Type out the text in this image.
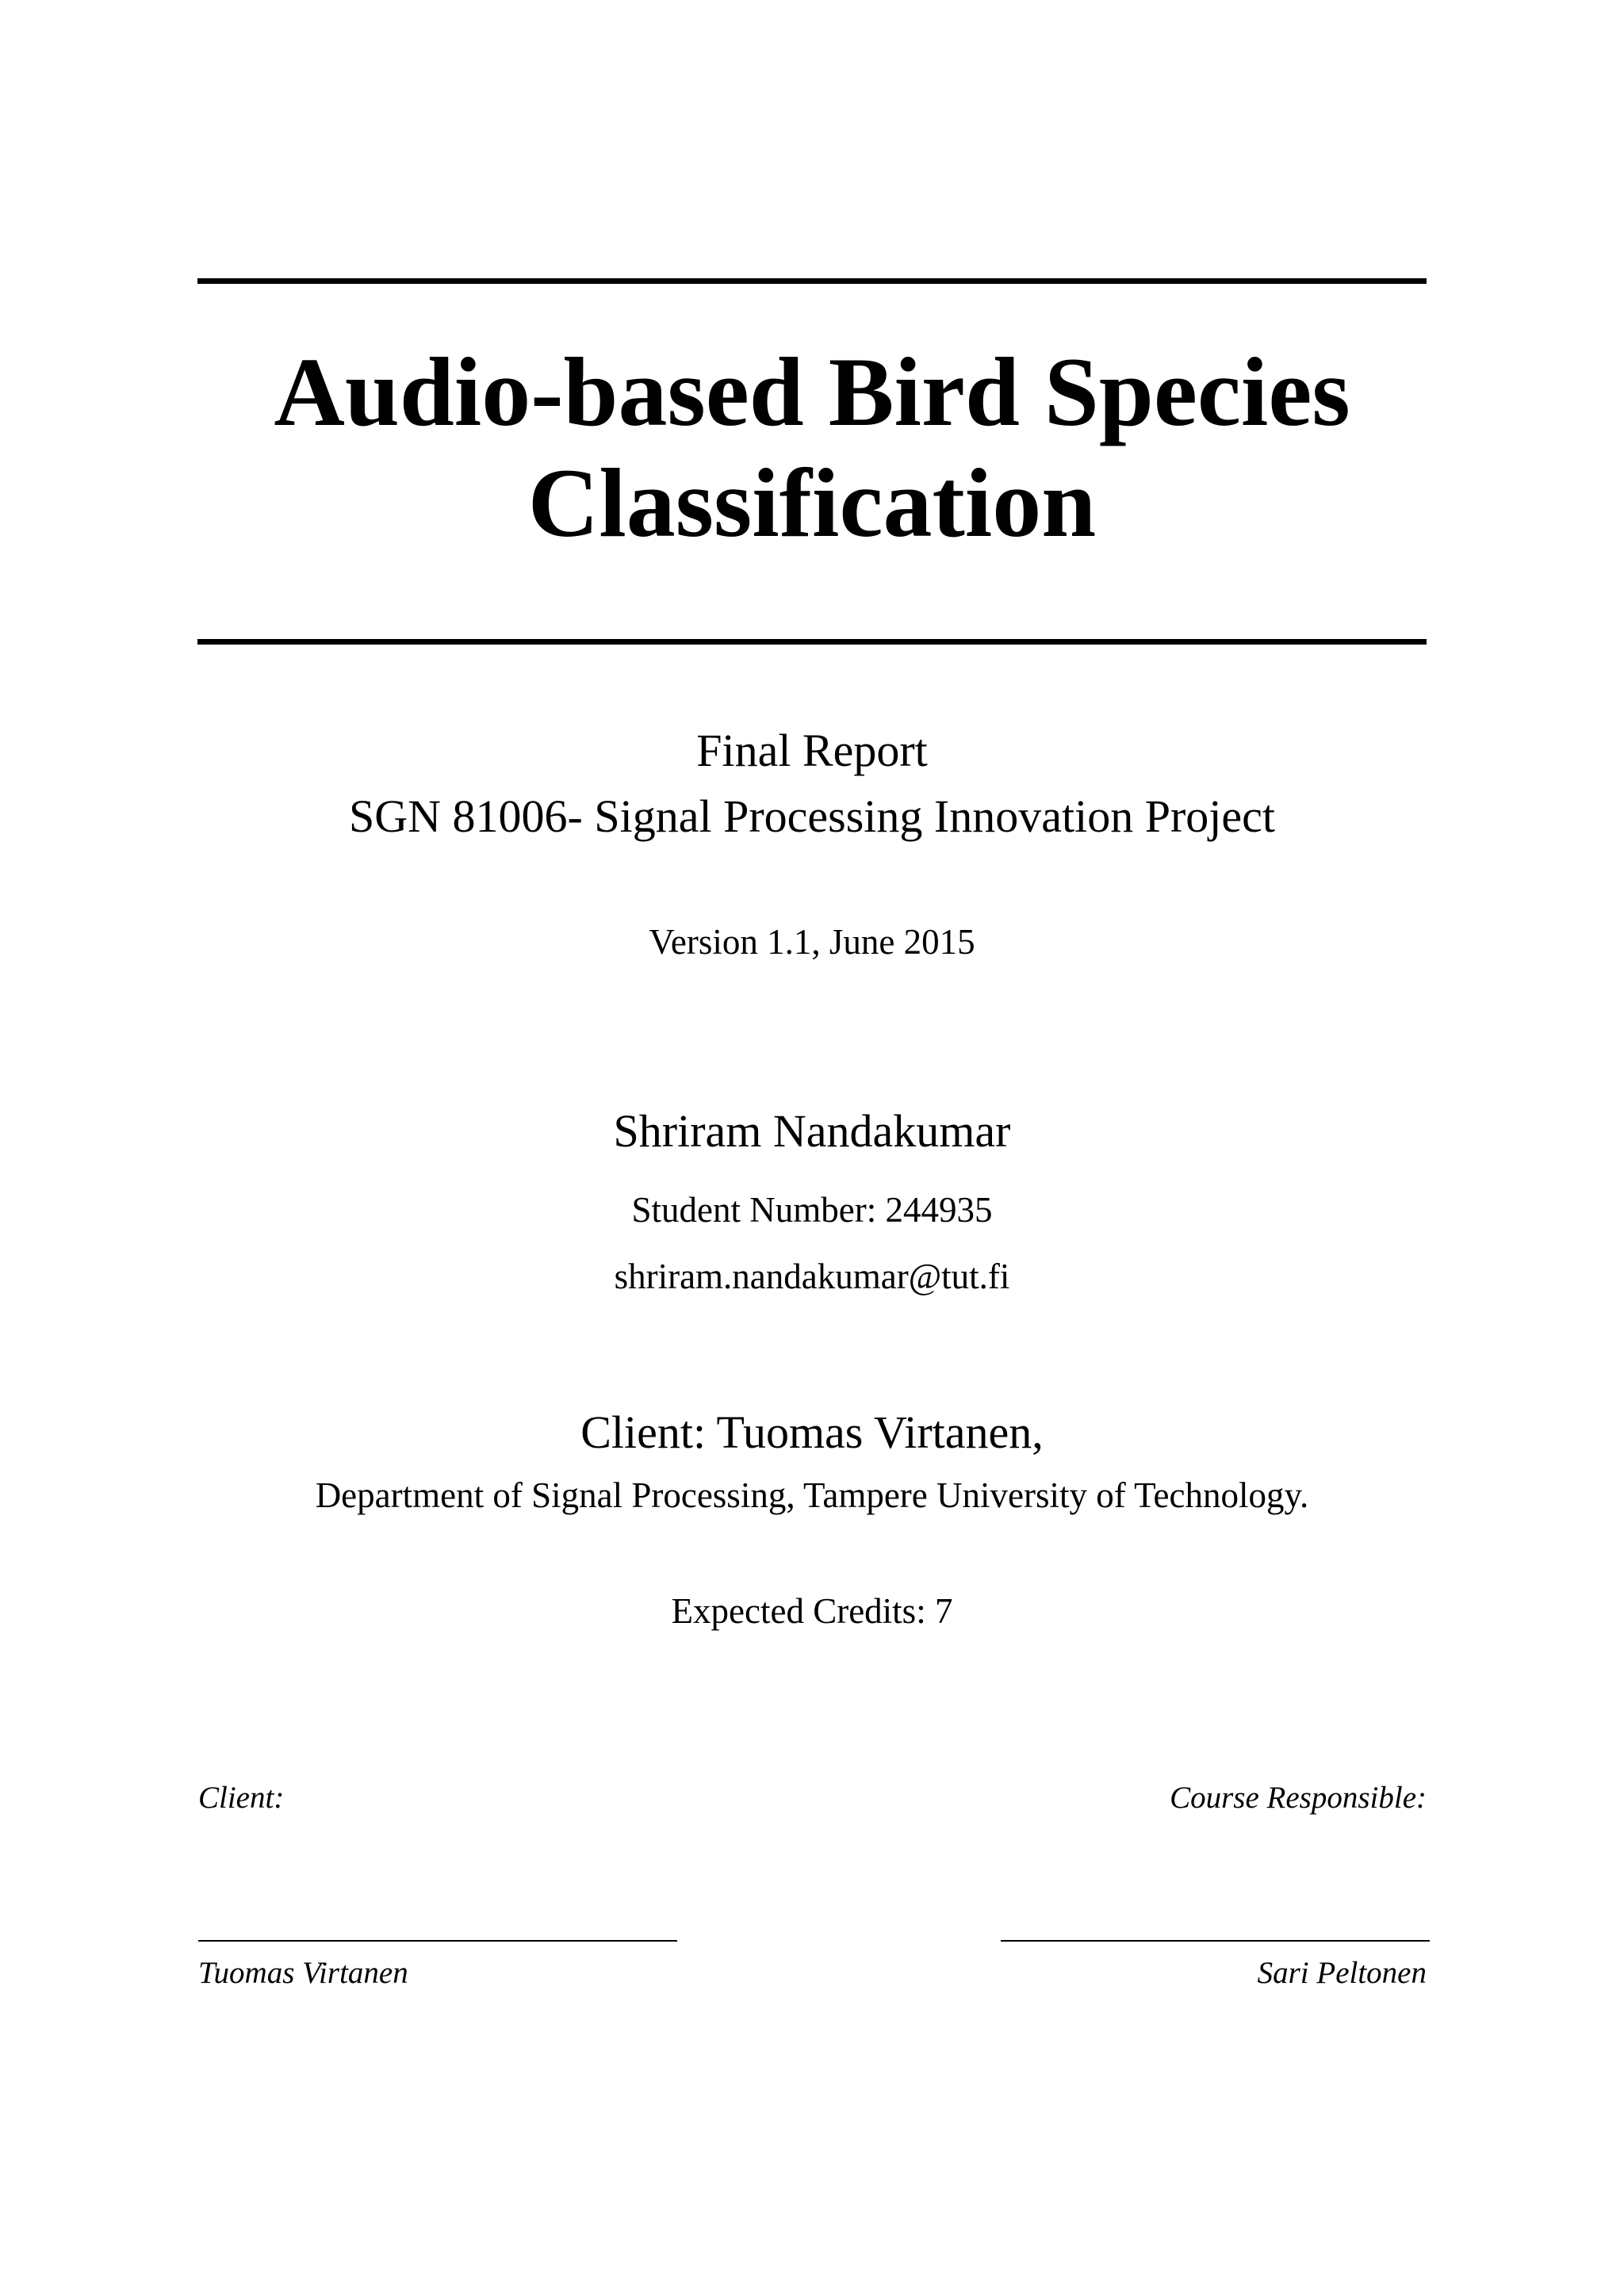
Audio-based Bird Species
Classification
Final Report
SGN 81006- Signal Processing Innovation Project
Version 1.1, June 2015
Shriram Nandakumar
Student Number: 244935
shriram.nandakumar@tut.fi
Client: Tuomas Virtanen,
Department of Signal Processing, Tampere University of Technology.
Expected Credits: 7
Client:	Course Responsible:
Tuomas Virtanen	Sari Peltonen
